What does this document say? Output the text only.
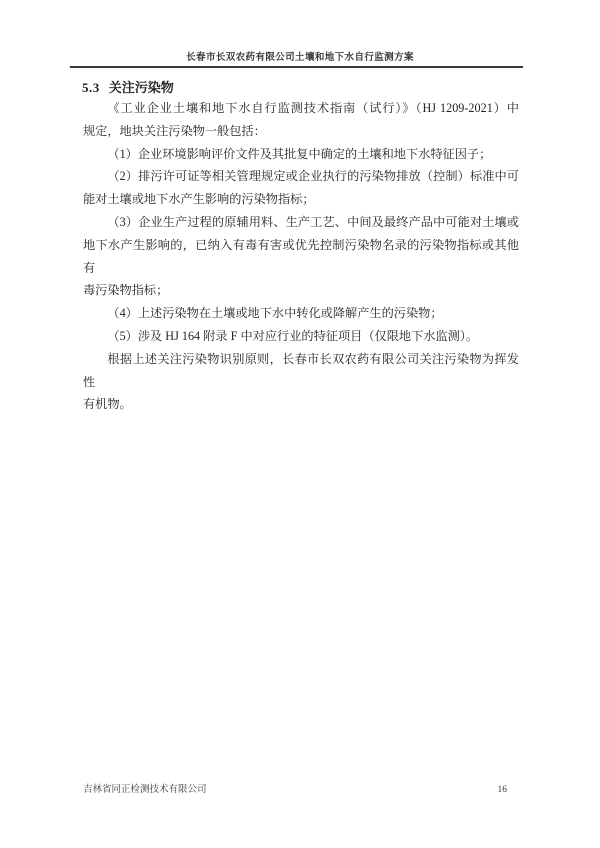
长春市长双农药有限公司土壤和地下水自行监测方案
5.3 关注污染物
《工业企业土壤和地下水自行监测技术指南（试行）》（HJ 1209-2021）中
规定，地块关注污染物一般包括：
（1）企业环境影响评价文件及其批复中确定的土壤和地下水特征因子；
（2）排污许可证等相关管理规定或企业执行的污染物排放（控制）标准中可
能对土壤或地下水产生影响的污染物指标；
（3）企业生产过程的原辅用料、生产工艺、中间及最终产品中可能对土壤或
地下水产生影响的，已纳入有毒有害或优先控制污染物名录的污染物指标或其他有
毒污染物指标；
（4）上述污染物在土壤或地下水中转化或降解产生的污染物；
（5）涉及 HJ 164 附录 F 中对应行业的特征项目（仅限地下水监测）。
根据上述关注污染物识别原则，长春市长双农药有限公司关注污染物为挥发性
有机物。
吉林省同正检测技术有限公司	16
